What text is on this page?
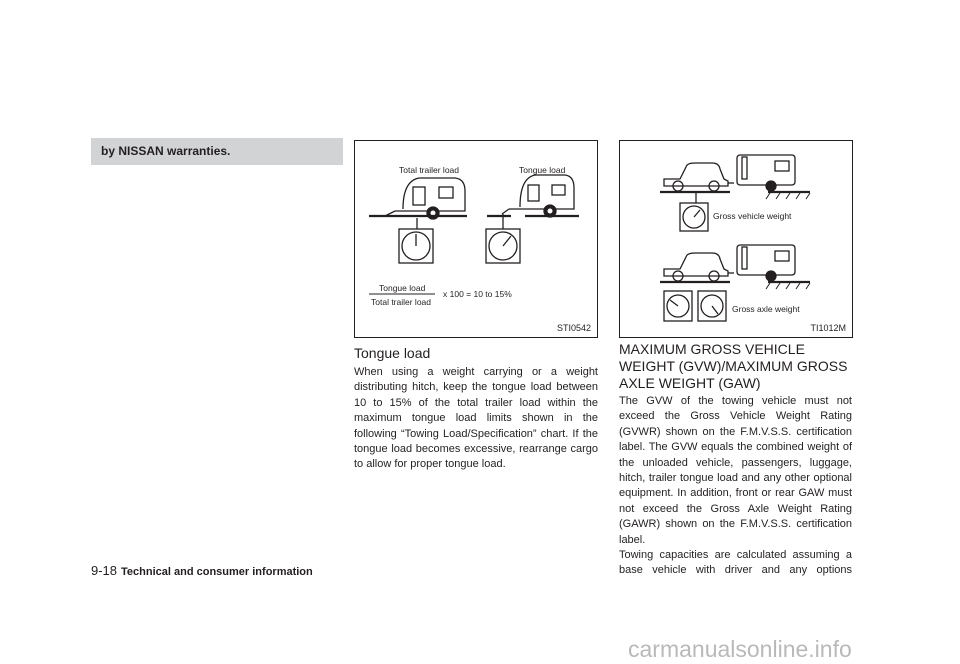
by NISSAN warranties.
Total trailer load	Tongue load
Tongue load
Total trailer load
x 100 = 10 to 15%
STI0542
Gross vehicle weight
Gross axle weight
TI1012M
Tongue load
When using a weight carrying or a weight distributing hitch, keep the tongue load between 10 to 15% of the total trailer load within the maximum tongue load limits shown in the following “Towing Load/Specification” chart. If the tongue load becomes excessive, rearrange cargo to allow for proper tongue load.
MAXIMUM GROSS VEHICLE WEIGHT (GVW)/MAXIMUM GROSS AXLE WEIGHT (GAW)
The GVW of the towing vehicle must not exceed the Gross Vehicle Weight Rating (GVWR) shown on the F.M.V.S.S. certification label. The GVW equals the combined weight of the unloaded vehicle, passengers, luggage, hitch, trailer tongue load and any other optional equipment. In addition, front or rear GAW must not exceed the Gross Axle Weight Rating (GAWR) shown on the F.M.V.S.S. certification label.
Towing capacities are calculated assuming a base vehicle with driver and any options
9-18 Technical and consumer information
carmanualsonline.info
